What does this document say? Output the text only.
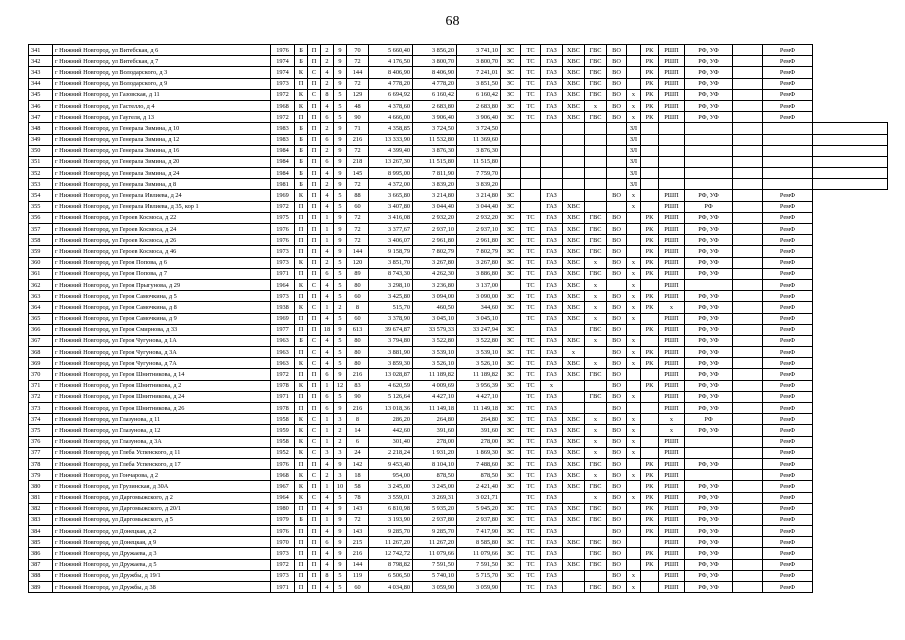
68
341	г Нижний Новгород, ул Витебская, д 6	1976	Б	П	2	9	70	5 660,40	3 856,20	3 741,10	ЗС	ТС	ГАЗ	ХВС	ГВС	ВО		РК	РШП	РФ, УФ		РемФ	
342	г Нижний Новгород, ул Витебская, д 7	1974	Б	П	2	9	72	4 176,50	3 800,70	3 800,70	ЗС	ТС	ГАЗ	ХВС	ГВС	ВО		РК	РШП	РФ, УФ		РемФ	
343	г Нижний Новгород, ул Володарского, д 3	1974	К	С	4	9	144	8 406,90	8 406,90	7 241,01	ЗС	ТС	ГАЗ	ХВС	ГВС	ВО		РК	РШП	РФ, УФ		РемФ	
344	г Нижний Новгород, ул Володарского, д 9	1973	П	П	2	9	72	4 778,20	4 778,20	3 851,50	ЗС	ТС	ГАЗ	ХВС	ГВС	ВО		РК	РШП	РФ, УФ		РемФ	
345	г Нижний Новгород, ул Газовская, д 11	1972	К	С	8	5	129	6 694,92	6 160,42	6 160,42	ЗС	ТС	ГАЗ	ХВС	ГВС	ВО	х	РК	РШП	РФ, УФ		РемФ	
346	г Нижний Новгород, ул Гастелло, д 4	1968	К	П	4	5	48	4 378,60	2 683,80	2 683,80	ЗС	ТС	ГАЗ	ХВС	х	ВО	х	РК	РШП	РФ, УФ		РемФ	
347	г Нижний Новгород, ул Гаугеля, д 13	1972	П	П	6	5	90	4 666,00	3 906,40	3 906,40	ЗС	ТС	ГАЗ	ХВС	ГВС	ВО	х	РК	РШП	РФ, УФ		РемФ	
348	г Нижний Новгород, ул Генерала Зимина, д 10	1983	Б	П	2	9	71	4 358,85	3 724,50	3 724,50							ЗЛ						
349	г Нижний Новгород, ул Генерала Зимина, д 12	1983	Б	П	6	9	216	13 333,90	11 532,80	11 369,60							ЗЛ						
350	г Нижний Новгород, ул Генерала Зимина, д 16	1984	Б	П	2	9	72	4 399,40	3 876,30	3 876,30							ЗЛ						
351	г Нижний Новгород, ул Генерала Зимина, д 20	1984	Б	П	6	9	218	13 267,30	11 515,80	11 515,80							ЗЛ						
352	г Нижний Новгород, ул Генерала Зимина, д 24	1984	Б	П	4	9	145	8 995,00	7 811,90	7 759,70							ЗЛ						
353	г Нижний Новгород, ул Генерала Зимина, д 8	1981	Б	П	2	9	72	4 372,00	3 839,20	3 839,20							ЗЛ						
354	г Нижний Новгород, ул Генерала Ивлиева, д 24	1969	К	П	4	5	88	3 665,80	3 214,80	3 214,80	ЗС		ГАЗ			ВО	х		РШП	РФ, УФ		РемФ	
355	г Нижний Новгород, ул Генерала Ивлиева, д 35, кор 1	1972	П	П	4	5	60	3 407,80	3 044,40	3 044,40	ЗС		ГАЗ	ХВС			х		РШП	РФ		РемФ	
356	г Нижний Новгород, ул Героев Космоса, д 22	1975	П	П	1	9	72	3 416,08	2 932,20	2 932,20	ЗС	ТС	ГАЗ	ХВС	ГВС	ВО		РК	РШП	РФ, УФ		РемФ	
357	г Нижний Новгород, ул Героев Космоса, д 24	1976	П	П	1	9	72	3 377,67	2 937,10	2 937,10	ЗС	ТС	ГАЗ	ХВС	ГВС	ВО		РК	РШП	РФ, УФ		РемФ	
358	г Нижний Новгород, ул Героев Космоса, д 26	1976	П	П	1	9	72	3 406,07	2 961,80	2 961,80	ЗС	ТС	ГАЗ	ХВС	ГВС	ВО		РК	РШП	РФ, УФ		РемФ	
359	г Нижний Новгород, ул Героев Космоса, д 46	1973	П	П	4	9	144	9 158,79	7 802,79	7 802,79	ЗС	ТС	ГАЗ	ХВС	ГВС	ВО		РК	РШП	РФ, УФ		РемФ	
360	г Нижний Новгород, ул Героя Попова, д 6	1973	К	П	2	5	120	3 851,70	3 267,80	3 267,80	ЗС	ТС	ГАЗ	ХВС	х	ВО	х	РК	РШП	РФ, УФ		РемФ	
361	г Нижний Новгород, ул Героя Попова, д 7	1971	П	П	6	5	89	8 743,30	4 262,30	3 886,80	ЗС	ТС	ГАЗ	ХВС	ГВС	ВО	х	РК	РШП	РФ, УФ		РемФ	
362	г Нижний Новгород, ул Героя Прыгунова, д 29	1964	К	С	4	5	80	3 298,10	3 236,80	3 137,00		ТС	ГАЗ	ХВС	х		х		РШП			РемФ	
363	г Нижний Новгород, ул Героя Самочкина, д 5	1973	П	П	4	5	60	3 425,80	3 094,00	3 090,00	ЗС	ТС	ГАЗ	ХВС	х	ВО	х	РК	РШП	РФ, УФ		РемФ	
364	г Нижний Новгород, ул Героя Самочкина, д 8	1938	К	С	1	2	8	515,70	460,50	344,60	ЗС	ТС	ГАЗ	ХВС	х	ВО	х	РК	х	РФ, УФ		РемФ	
365	г Нижний Новгород, ул Героя Самочкина, д 9	1969	П	П	4	5	60	3 378,90	3 045,10	3 045,10		ТС	ГАЗ	ХВС	х	ВО	х		РШП	РФ, УФ		РемФ	
366	г Нижний Новгород, ул Героя Смирнова, д 33	1977	П	П	18	9	613	39 674,87	33 579,33	33 247,94	ЗС		ГАЗ		ГВС	ВО		РК	РШП	РФ, УФ		РемФ	
367	г Нижний Новгород, ул Героя Чугунова, д 1А	1963	Б	С	4	5	80	3 794,80	3 522,80	3 522,80	ЗС	ТС	ГАЗ	ХВС	х	ВО	х		РШП	РФ, УФ		РемФ	
368	г Нижний Новгород, ул Героя Чугунова, д 3А	1963	П	С	4	5	80	3 881,90	3 539,10	3 539,10	ЗС	ТС	ГАЗ	х		ВО	х	РК	РШП	РФ, УФ		РемФ	
369	г Нижний Новгород, ул Героя Чугунова, д 7А	1963	К	С	4	5	80	3 859,30	3 526,10	3 526,10	ЗС	ТС	ГАЗ	ХВС	х	ВО	х	РК	РШП	РФ, УФ		РемФ	
370	г Нижний Новгород, ул Героя Шнитникова, д 14	1972	П	П	6	9	216	13 028,87	11 189,82	11 189,82	ЗС	ТС	ГАЗ	ХВС	ГВС	ВО			РШП	РФ, УФ		РемФ	
371	г Нижний Новгород, ул Героя Шнитникова, д 2	1978	К	П	1	12	83	4 620,59	4 009,69	3 956,39	ЗС	ТС	х			ВО		РК	РШП	РФ, УФ		РемФ	
372	г Нижний Новгород, ул Героя Шнитникова, д 24	1971	П	П	6	5	90	5 126,64	4 427,10	4 427,10		ТС	ГАЗ		ГВС	ВО	х		РШП	РФ, УФ		РемФ	
373	г Нижний Новгород, ул Героя Шнитникова, д 26	1978	П	П	6	9	216	13 018,36	11 149,18	11 149,18	ЗС	ТС	ГАЗ			ВО			РШП	РФ, УФ		РемФ	
374	г Нижний Новгород, ул Глазунова, д 11	1958	К	С	1	3	8	286,20	264,80	264,80	ЗС	ТС	ГАЗ	ХВС	х	ВО	х		х	РФ		РемФ	
375	г Нижний Новгород, ул Глазунова, д 12	1959	К	С	1	2	14	442,60	391,60	391,60	ЗС	ТС	ГАЗ	ХВС	х	ВО	х		х	РФ, УФ		РемФ	
376	г Нижний Новгород, ул Глазунова, д 3А	1958	К	С	1	2	6	301,40	278,00	278,00	ЗС	ТС	ГАЗ	ХВС	х	ВО	х		РШП			РемФ	
377	г Нижний Новгород, ул Глеба Успенского, д 11	1952	К	С	3	3	24	2 218,24	1 931,20	1 869,30	ЗС	ТС	ГАЗ	ХВС	х	ВО	х		РШП			РемФ	
378	г Нижний Новгород, ул Глеба Успенского, д 17	1976	П	П	4	9	142	9 453,40	8 104,10	7 488,60	ЗС	ТС	ГАЗ	ХВС	ГВС	ВО		РК	РШП	РФ, УФ		РемФ	
379	г Нижний Новгород, ул Гончарова, д 2	1968	К	С	2	3	18	954,00	878,50	878,50	ЗС	ТС	ГАЗ	ХВС	х	ВО	х	РК	РШП			РемФ	
380	г Нижний Новгород, ул Грузинская, д 30А	1967	К	П	1	10	58	3 245,00	3 245,00	2 421,40	ЗС	ТС	ГАЗ	ХВС	ГВС	ВО		РК	РШП	РФ, УФ		РемФ	
381	г Нижний Новгород, ул Даргомыжского, д 2	1964	К	С	4	5	78	3 559,01	3 269,31	3 021,71		ТС	ГАЗ		х	ВО	х	РК	РШП	РФ, УФ		РемФ	
382	г Нижний Новгород, ул Даргомыжского, д 20/1	1980	П	П	4	9	143	6 810,98	5 935,20	5 945,20	ЗС	ТС	ГАЗ	ХВС	ГВС	ВО		РК	РШП	РФ, УФ		РемФ	
383	г Нижний Новгород, ул Даргомыжского, д 5	1979	Б	П	1	9	72	3 193,90	2 937,80	2 937,80	ЗС	ТС	ГАЗ	ХВС	ГВС	ВО		РК	РШП	РФ, УФ		РемФ	
384	г Нижний Новгород, ул Донецкая, д 2	1976	П	П	4	9	143	9 285,70	9 285,70	7 417,90	ЗС	ТС	ГАЗ			ВО		РК	РШП	РФ, УФ		РемФ	
385	г Нижний Новгород, ул Донецкая, д 9	1970	П	П	6	9	215	11 267,20	11 267,20	8 585,80	ЗС	ТС	ГАЗ	ХВС	ГВС	ВО			РШП	РФ, УФ		РемФ	
386	г Нижний Новгород, ул Дружаева, д 3	1973	П	П	4	9	216	12 742,72	11 079,66	11 079,66	ЗС	ТС	ГАЗ		ГВС	ВО		РК	РШП	РФ, УФ		РемФ	
387	г Нижний Новгород, ул Дружаева, д 5	1972	П	П	4	9	144	8 798,82	7 591,50	7 591,50	ЗС	ТС	ГАЗ	ХВС	ГВС	ВО		РК	РШП	РФ, УФ		РемФ	
388	г Нижний Новгород, ул Дружбы, д 19/1	1973	П	П	8	5	119	6 506,50	5 740,10	5 715,70	ЗС	ТС	ГАЗ			ВО	х		РШП	РФ, УФ		РемФ	
389	г Нижний Новгород, ул Дружбы, д 38	1971	П	П	4	5	60	4 034,80	3 059,90	3 059,90		ТС	ГАЗ		ГВС	ВО	х		РШП	РФ, УФ		РемФ	
